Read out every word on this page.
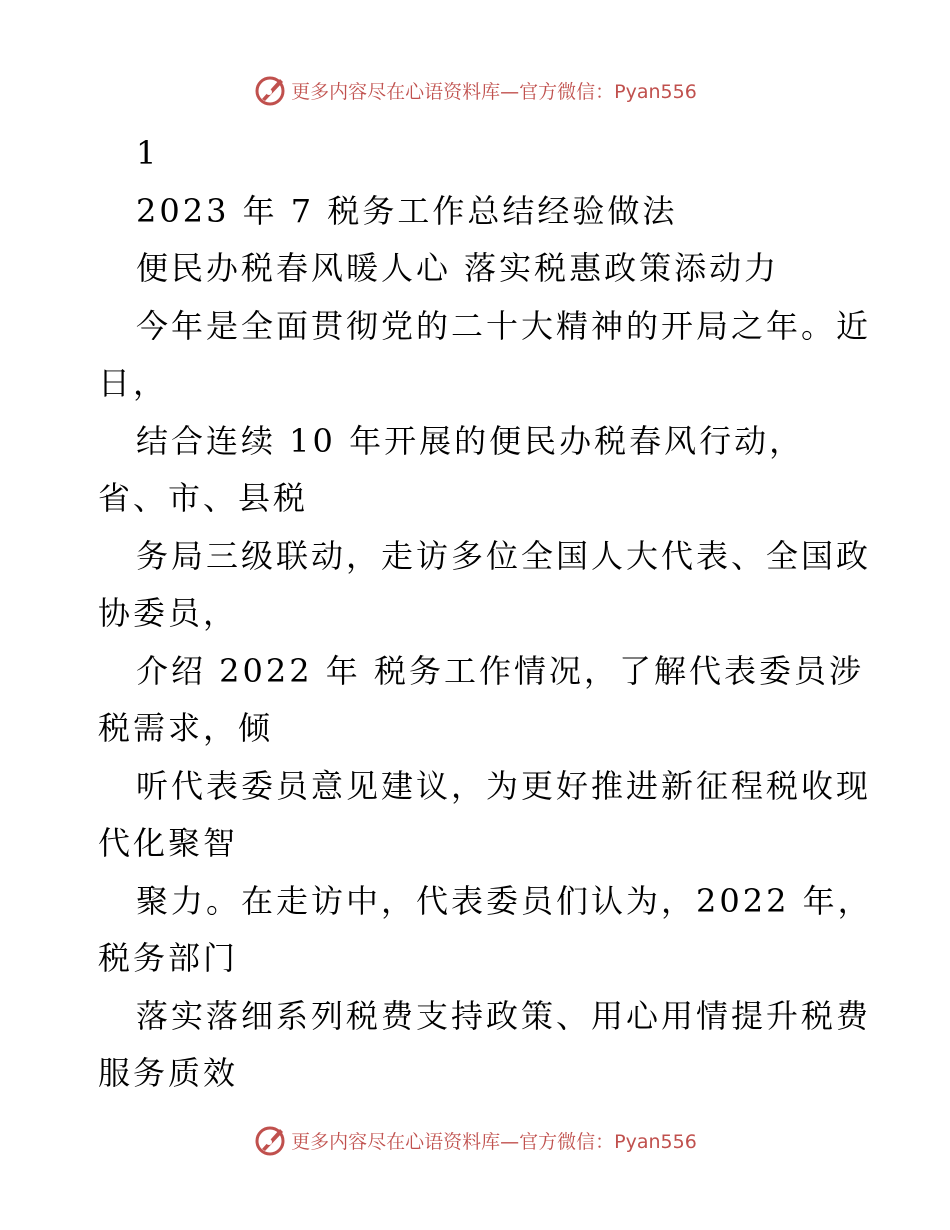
更多内容尽在心语资料库 —官方微信：Pyan556
1
2023 年 7 税务工作总结经验做法
便民办税春风暖人心 落实税惠政策添动力
今年是全面贯彻党的二十大精神的开局之年。近
日，
结合连续 10 年开展的便民办税春风行动，
省、市、县税
务局三级联动，走访多位全国人大代表、全国政
协委员，
介绍 2022 年 税务工作情况，了解代表委员涉
税需求，倾
听代表委员意见建议，为更好推进新征程税收现
代化聚智
聚力。在走访中，代表委员们认为，2022 年，
税务部门
落实落细系列税费支持政策、用心用情提升税费
服务质效
更多内容尽在心语资料库 —官方微信：Pyan556
